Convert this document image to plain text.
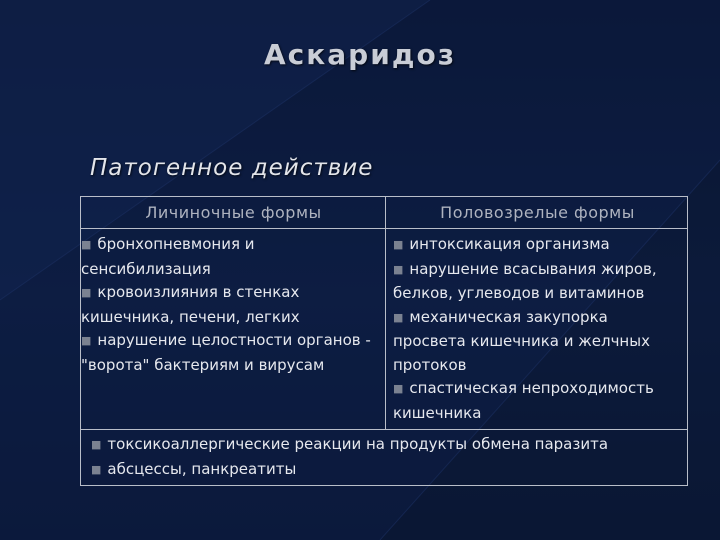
Аскаридоз
Патогенное действие
Личиночные формы	Половозрелые формы
■ бронхопневмония и сенсибилизация
■ кровоизлияния в стенках кишечника, печени, легких
■ нарушение целостности органов - "ворота" бактериям и вирусам
■ интоксикация организма
■ нарушение всасывания жиров, белков, углеводов и витаминов
■ механическая закупорка просвета кишечника и желчных протоков
■ спастическая непроходимость кишечника
■ токсикоаллергические реакции на продукты обмена паразита
■ абсцессы, панкреатиты
